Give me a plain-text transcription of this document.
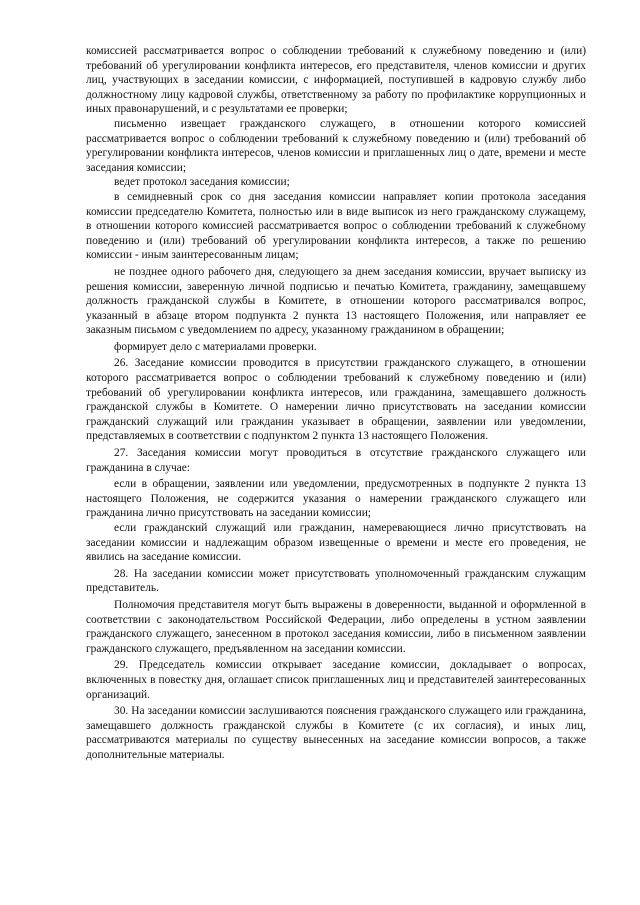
комиссией рассматривается вопрос о соблюдении требований к служебному поведению и (или) требований об урегулировании конфликта интересов, его представителя, членов комиссии и других лиц, участвующих в заседании комиссии, с информацией, поступившей в кадровую службу либо должностному лицу кадровой службы, ответственному за работу по профилактике коррупционных и иных правонарушений, и с результатами ее проверки;

письменно извещает гражданского служащего, в отношении которого комиссией рассматривается вопрос о соблюдении требований к служебному поведению и (или) требований об урегулировании конфликта интересов, членов комиссии и приглашенных лиц о дате, времени и месте заседания комиссии;

ведет протокол заседания комиссии;

в семидневный срок со дня заседания комиссии направляет копии протокола заседания комиссии председателю Комитета, полностью или в виде выписок из него гражданскому служащему, в отношении которого комиссией рассматривается вопрос о соблюдении требований к служебному поведению и (или) требований об урегулировании конфликта интересов, а также по решению комиссии - иным заинтересованным лицам;

не позднее одного рабочего дня, следующего за днем заседания комиссии, вручает выписку из решения комиссии, заверенную личной подписью и печатью Комитета, гражданину, замещавшему должность гражданской службы в Комитете, в отношении которого рассматривался вопрос, указанный в абзаце втором подпункта 2 пункта 13 настоящего Положения, или направляет ее заказным письмом с уведомлением по адресу, указанному гражданином в обращении;

формирует дело с материалами проверки.

26. Заседание комиссии проводится в присутствии гражданского служащего, в отношении которого рассматривается вопрос о соблюдении требований к служебному поведению и (или) требований об урегулировании конфликта интересов, или гражданина, замещавшего должность гражданской службы в Комитете. О намерении лично присутствовать на заседании комиссии гражданский служащий или гражданин указывает в обращении, заявлении или уведомлении, представляемых в соответствии с подпунктом 2 пункта 13 настоящего Положения.

27. Заседания комиссии могут проводиться в отсутствие гражданского служащего или гражданина в случае:

если в обращении, заявлении или уведомлении, предусмотренных в подпункте 2 пункта 13 настоящего Положения, не содержится указания о намерении гражданского служащего или гражданина лично присутствовать на заседании комиссии;

если гражданский служащий или гражданин, намеревающиеся лично присутствовать на заседании комиссии и надлежащим образом извещенные о времени и месте его проведения, не явились на заседание комиссии.

28. На заседании комиссии может присутствовать уполномоченный гражданским служащим представитель.

Полномочия представителя могут быть выражены в доверенности, выданной и оформленной в соответствии с законодательством Российской Федерации, либо определены в устном заявлении гражданского служащего, занесенном в протокол заседания комиссии, либо в письменном заявлении гражданского служащего, предъявленном на заседании комиссии.

29. Председатель комиссии открывает заседание комиссии, докладывает о вопросах, включенных в повестку дня, оглашает список приглашенных лиц и представителей заинтересованных организаций.

30. На заседании комиссии заслушиваются пояснения гражданского служащего или гражданина, замещавшего должность гражданской службы в Комитете (с их согласия), и иных лиц, рассматриваются материалы по существу вынесенных на заседание комиссии вопросов, а также дополнительные материалы.
